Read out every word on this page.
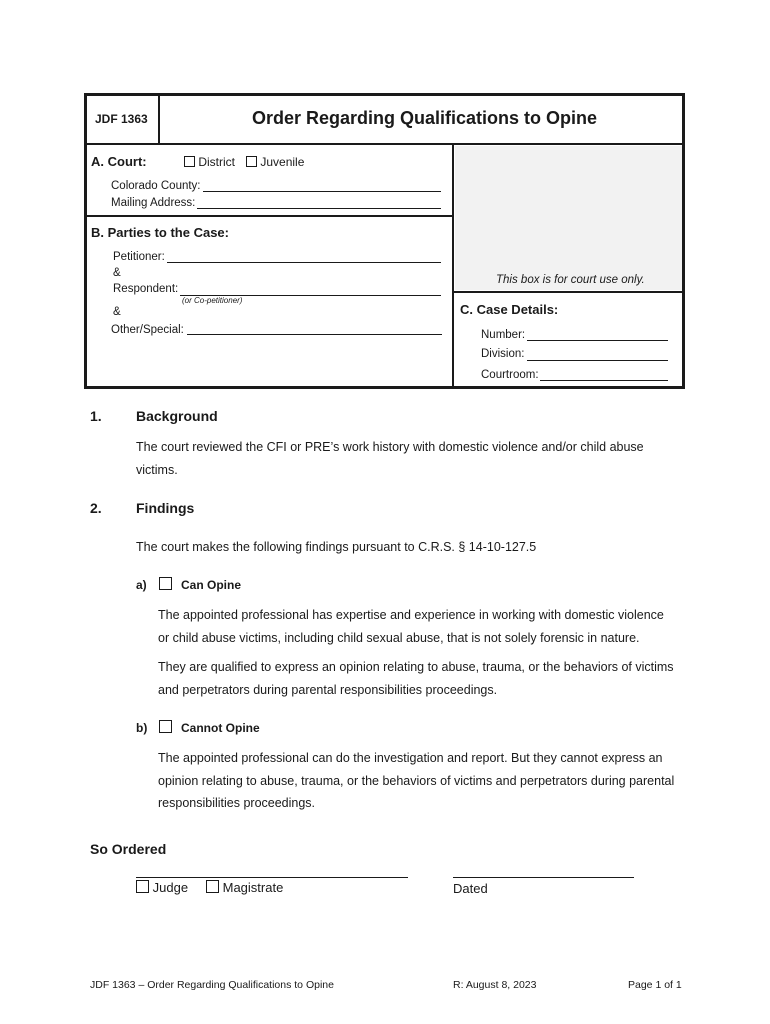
JDF 1363	Order Regarding Qualifications to Opine
A. Court:	District	Juvenile
Colorado County:
Mailing Address:
B. Parties to the Case:
Petitioner:
&
Respondent:
(or Co-petitioner)
&
Other/Special:
This box is for court use only.
C. Case Details:
Number:
Division:
Courtroom:
1. Background
The court reviewed the CFI or PRE’s work history with domestic violence and/or child abuse
victims.
2. Findings
The court makes the following findings pursuant to C.R.S. § 14-10-127.5
a)	Can Opine
The appointed professional has expertise and experience in working with domestic violence
or child abuse victims, including child sexual abuse, that is not solely forensic in nature.
They are qualified to express an opinion relating to abuse, trauma, or the behaviors of victims
and perpetrators during parental responsibilities proceedings.
b)	Cannot Opine
The appointed professional can do the investigation and report. But they cannot express an
opinion relating to abuse, trauma, or the behaviors of victims and perpetrators during parental
responsibilities proceedings.
So Ordered
Judge	Magistrate	Dated
JDF 1363 – Order Regarding Qualifications to Opine	R: August 8, 2023	Page 1 of 1
